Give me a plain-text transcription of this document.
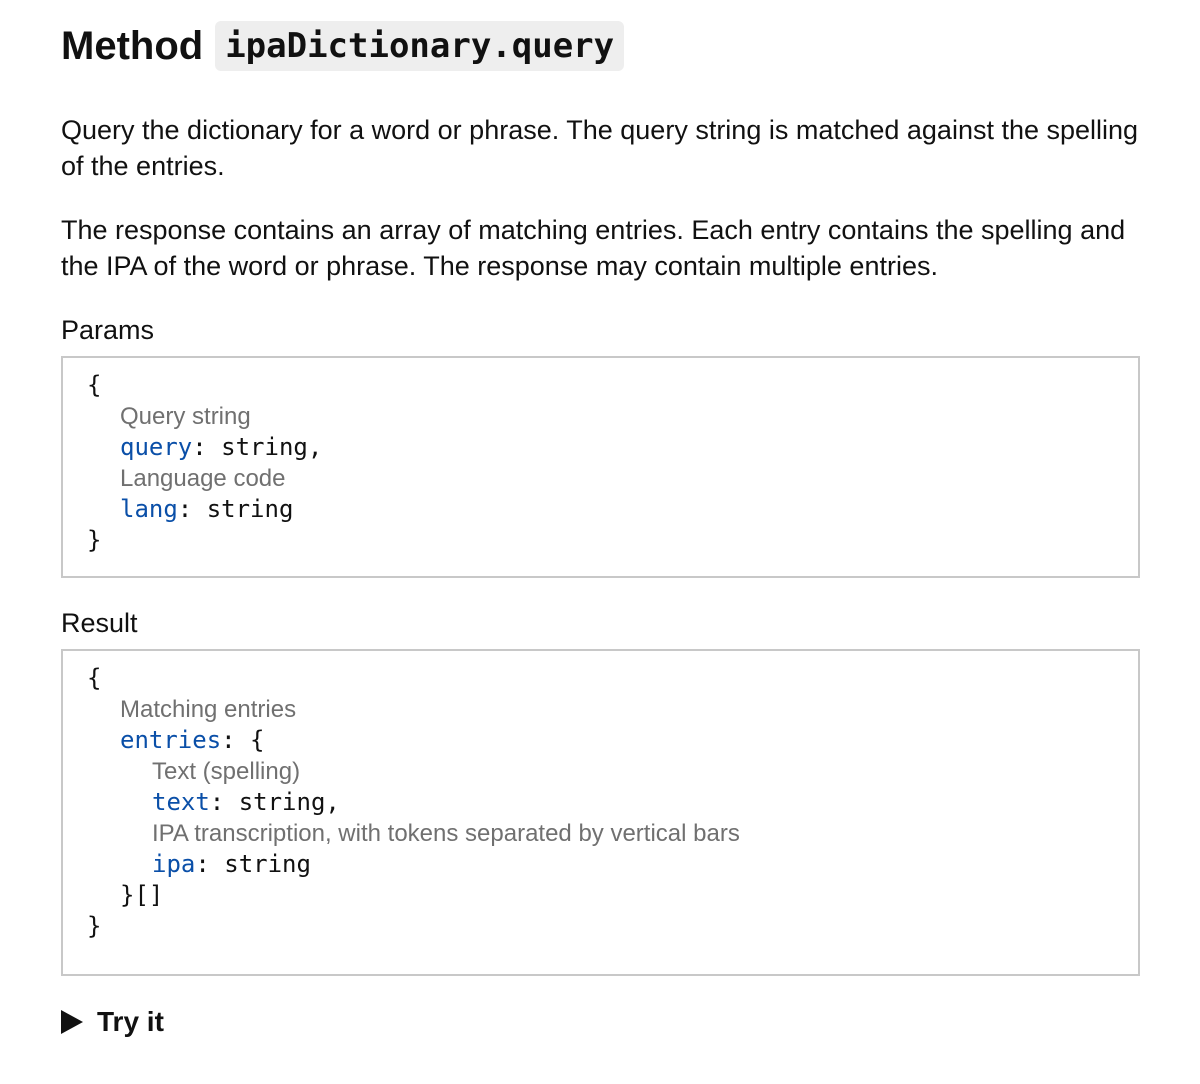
Method ipaDictionary.query

Query the dictionary for a word or phrase. The query string is matched against the spelling of the entries.

The response contains an array of matching entries. Each entry contains the spelling and the IPA of the word or phrase. The response may contain multiple entries.

Params

{
Query string
query: string,
Language code
lang: string
}

Result

{
Matching entries
entries: {
Text (spelling)
text: string,
IPA transcription, with tokens separated by vertical bars
ipa: string
}[]
}
Try it
